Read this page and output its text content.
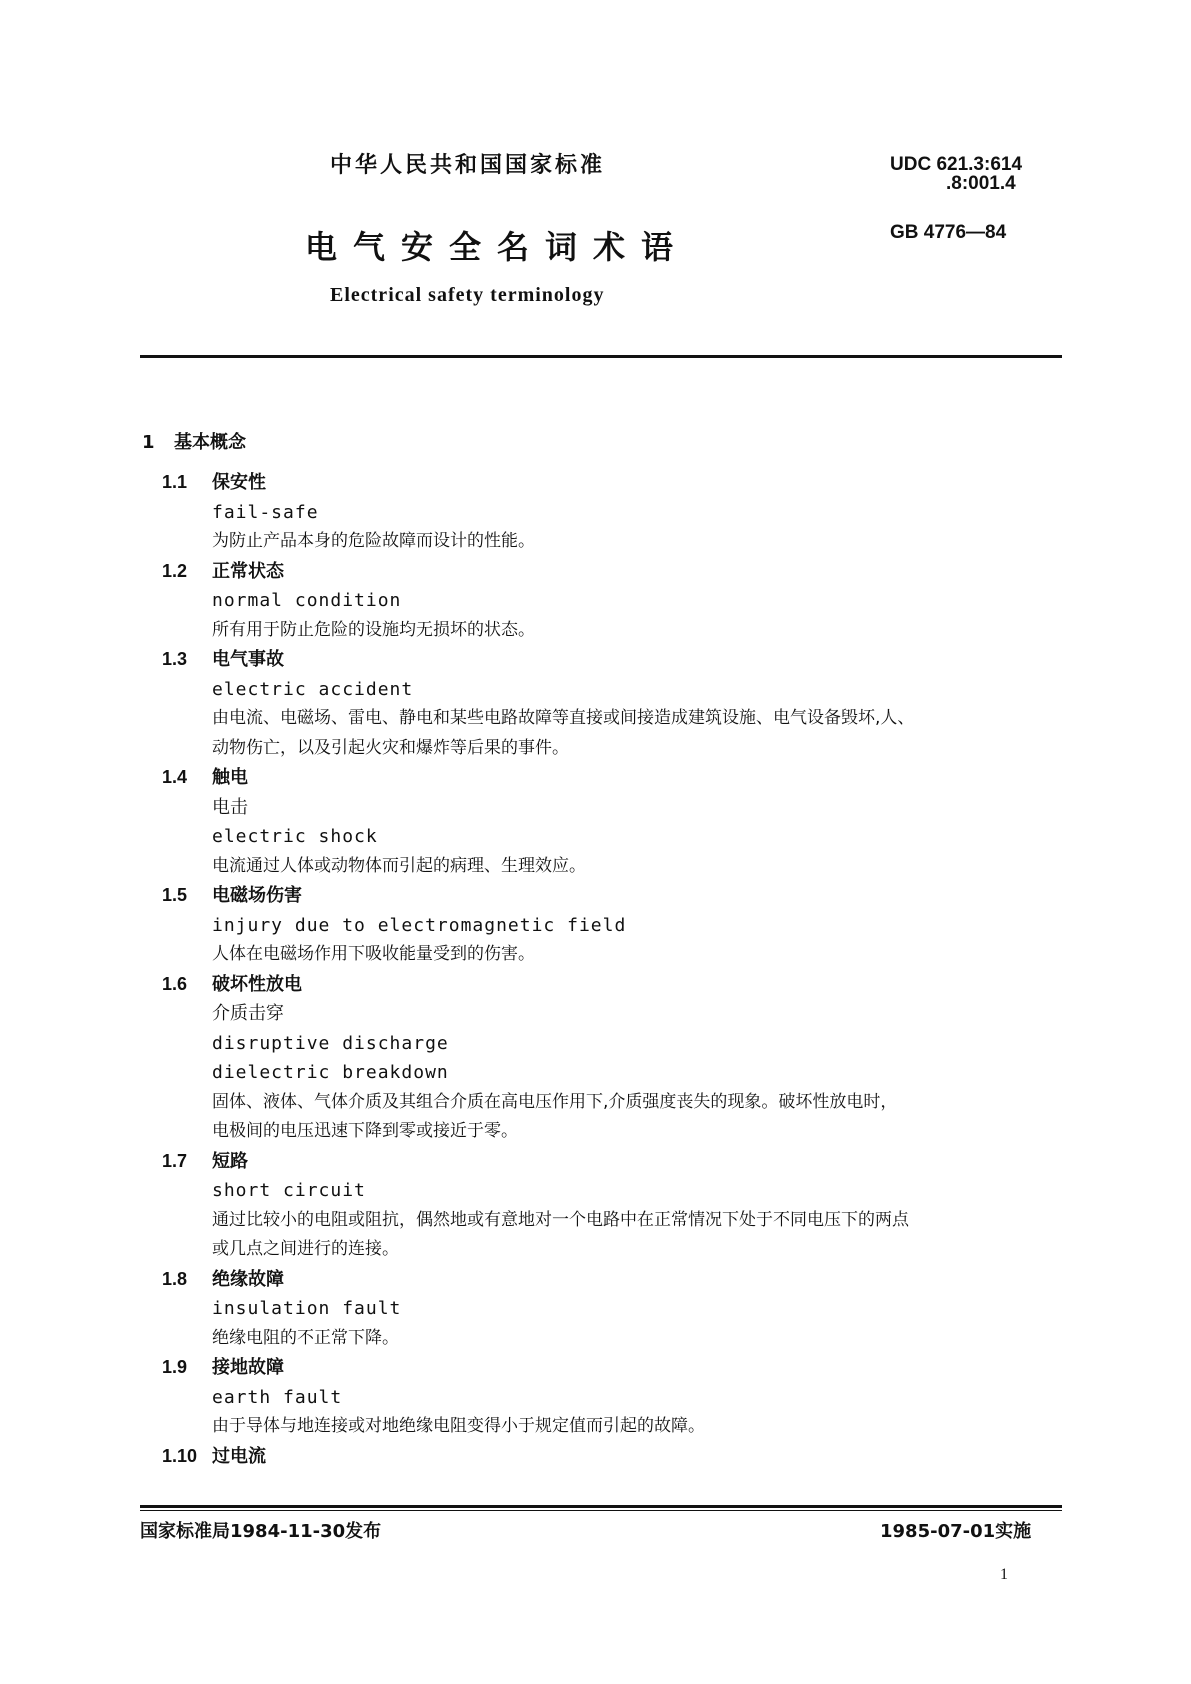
中华人民共和国国家标准
电气安全名词术语
Electrical safety terminology
UDC 621.3:614
.8:001.4
GB 4776—84
1 基本概念
1.1	保安性
fail-safe
为防止产品本身的危险故障而设计的性能。
1.2	正常状态
normal condition
所有用于防止危险的设施均无损坏的状态。
1.3	电气事故
electric accident
由电流、电磁场、雷电、静电和某些电路故障等直接或间接造成建筑设施、电气设备毁坏,人、
动物伤亡，以及引起火灾和爆炸等后果的事件。
1.4	触电
电击
electric shock
电流通过人体或动物体而引起的病理、生理效应。
1.5	电磁场伤害
injury due to electromagnetic field
人体在电磁场作用下吸收能量受到的伤害。
1.6	破坏性放电
介质击穿
disruptive discharge
dielectric breakdown
固体、液体、气体介质及其组合介质在高电压作用下,介质强度丧失的现象。破坏性放电时，
电极间的电压迅速下降到零或接近于零。
1.7	短路
short circuit
通过比较小的电阻或阻抗，偶然地或有意地对一个电路中在正常情况下处于不同电压下的两点
或几点之间进行的连接。
1.8	绝缘故障
insulation fault
绝缘电阻的不正常下降。
1.9	接地故障
earth fault
由于导体与地连接或对地绝缘电阻变得小于规定值而引起的故障。
1.10 过电流
国家标准局1984-11-30发布	1985-07-01实施
1
